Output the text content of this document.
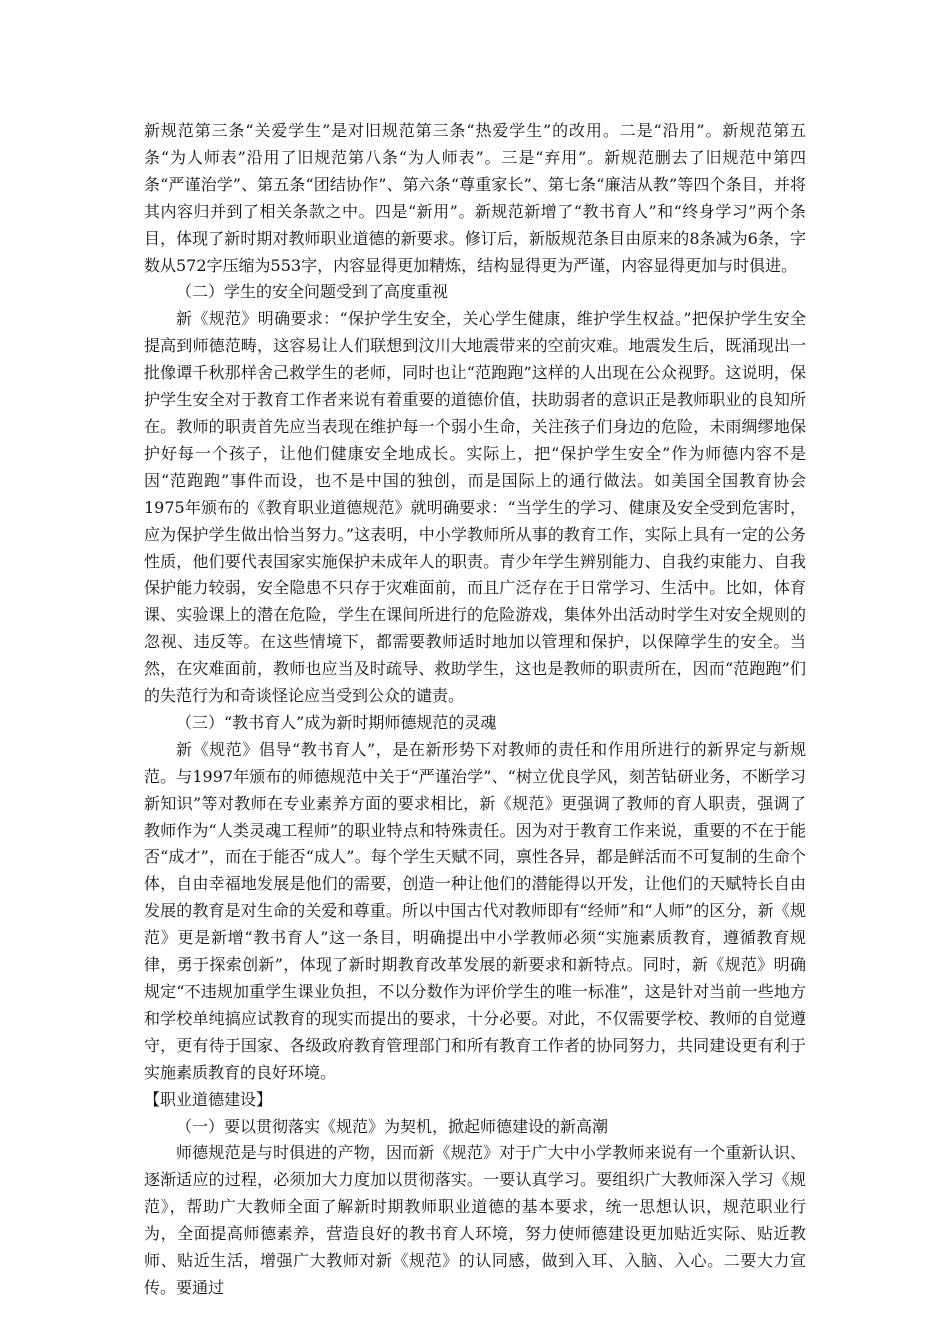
新规范第三条“关爱学生”是对旧规范第三条“热爱学生”的改用。二是“沿用”。新规范第五条“为人师表”沿用了旧规范第八条“为人师表”。三是“弃用”。新规范删去了旧规范中第四条“严谨治学”、第五条“团结协作”、第六条“尊重家长”、第七条“廉洁从教”等四个条目，并将其内容归并到了相关条款之中。四是“新用”。新规范新增了“教书育人”和“终身学习”两个条目，体现了新时期对教师职业道德的新要求。修订后，新版规范条目由原来的8条减为6条，字数从572字压缩为553字，内容显得更加精炼，结构显得更为严谨，内容显得更加与时俱进。

（二）学生的安全问题受到了高度重视

新《规范》明确要求：“保护学生安全，关心学生健康，维护学生权益。”把保护学生安全提高到师德范畴，这容易让人们联想到汶川大地震带来的空前灾难。地震发生后，既涌现出一批像谭千秋那样舍己救学生的老师，同时也让“范跑跑”这样的人出现在公众视野。这说明，保护学生安全对于教育工作者来说有着重要的道德价值，扶助弱者的意识正是教师职业的良知所在。教师的职责首先应当表现在维护每一个弱小生命，关注孩子们身边的危险，未雨绸缪地保护好每一个孩子，让他们健康安全地成长。实际上，把“保护学生安全”作为师德内容不是因“范跑跑”事件而设，也不是中国的独创，而是国际上的通行做法。如美国全国教育协会1975年颁布的《教育职业道德规范》就明确要求：“当学生的学习、健康及安全受到危害时，应为保护学生做出恰当努力。”这表明，中小学教师所从事的教育工作，实际上具有一定的公务性质，他们要代表国家实施保护未成年人的职责。青少年学生辨别能力、自我约束能力、自我保护能力较弱，安全隐患不只存于灾难面前，而且广泛存在于日常学习、生活中。比如，体育课、实验课上的潜在危险，学生在课间所进行的危险游戏，集体外出活动时学生对安全规则的忽视、违反等。在这些情境下，都需要教师适时地加以管理和保护，以保障学生的安全。当然，在灾难面前，教师也应当及时疏导、救助学生，这也是教师的职责所在，因而“范跑跑”们的失范行为和奇谈怪论应当受到公众的谴责。

（三）“教书育人”成为新时期师德规范的灵魂

新《规范》倡导“教书育人”，是在新形势下对教师的责任和作用所进行的新界定与新规范。与1997年颁布的师德规范中关于“严谨治学”、“树立优良学风，刻苦钻研业务，不断学习新知识”等对教师在专业素养方面的要求相比，新《规范》更强调了教师的育人职责，强调了教师作为“人类灵魂工程师”的职业特点和特殊责任。因为对于教育工作来说，重要的不在于能否“成才”，而在于能否“成人”。每个学生天赋不同，禀性各异，都是鲜活而不可复制的生命个体，自由幸福地发展是他们的需要，创造一种让他们的潜能得以开发，让他们的天赋特长自由发展的教育是对生命的关爱和尊重。所以中国古代对教师即有“经师”和“人师”的区分，新《规范》更是新增“教书育人”这一条目，明确提出中小学教师必须“实施素质教育，遵循教育规律，勇于探索创新”，体现了新时期教育改革发展的新要求和新特点。同时，新《规范》明确规定“不违规加重学生课业负担，不以分数作为评价学生的唯一标准”，这是针对当前一些地方和学校单纯搞应试教育的现实而提出的要求，十分必要。对此，不仅需要学校、教师的自觉遵守，更有待于国家、各级政府教育管理部门和所有教育工作者的协同努力，共同建设更有利于实施素质教育的良好环境。

【职业道德建设】

（一）要以贯彻落实《规范》为契机，掀起师德建设的新高潮

师德规范是与时俱进的产物，因而新《规范》对于广大中小学教师来说有一个重新认识、逐渐适应的过程，必须加大力度加以贯彻落实。一要认真学习。要组织广大教师深入学习《规范》，帮助广大教师全面了解新时期教师职业道德的基本要求，统一思想认识，规范职业行为，全面提高师德素养，营造良好的教书育人环境，努力使师德建设更加贴近实际、贴近教师、贴近生活，增强广大教师对新《规范》的认同感，做到入耳、入脑、入心。二要大力宣传。要通过
